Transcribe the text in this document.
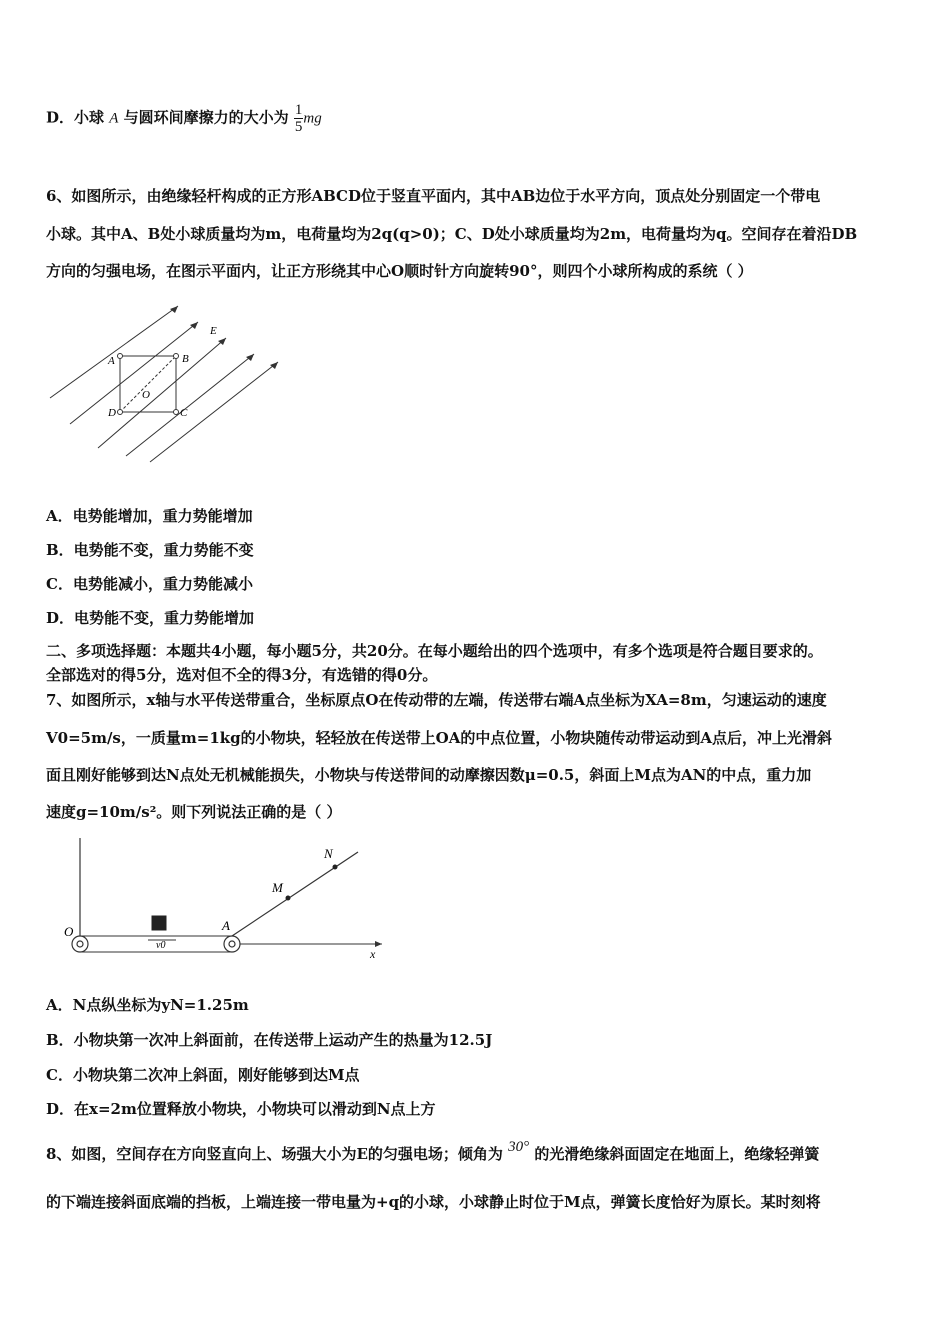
D．小球 A 与圆环间摩擦力的大小为 $\frac{1}{5}$ mg
6、如图所示，由绝缘轻杆构成的正方形ABCD位于竖直平面内，其中AB边位于水平方向，顶点处分别固定一个带电
小球。其中A、B处小球质量均为m，电荷量均为2q(q>0)；C、D处小球质量均为2m，电荷量均为q。空间存在着沿DB
方向的匀强电场，在图示平面内，让正方形绕其中心O顺时针方向旋转90°，则四个小球所构成的系统（ ）
A	B
C
D
O
E
A．电势能增加，重力势能增加
B．电势能不变，重力势能不变
C．电势能减小，重力势能减小
D．电势能不变，重力势能增加
二、多项选择题：本题共4小题，每小题5分，共20分。在每小题给出的四个选项中，有多个选项是符合题目要求的。
全部选对的得5分，选对但不全的得3分，有选错的得0分。
7、如图所示，x轴与水平传送带重合，坐标原点O在传动带的左端，传送带右端A点坐标为XA=8m，匀速运动的速度
V0=5m/s，一质量m=1kg的小物块，轻轻放在传送带上OA的中点位置，小物块随传动带运动到A点后，冲上光滑斜
面且刚好能够到达N点处无机械能损失，小物块与传送带间的动摩擦因数μ=0.5，斜面上M点为AN的中点，重力加
速度g=10m/s²。则下列说法正确的是（ ）
O	A
M
N
x
v0
A．N点纵坐标为yN=1.25m
B．小物块第一次冲上斜面前，在传送带上运动产生的热量为12.5J
C．小物块第二次冲上斜面，刚好能够到达M点
D．在x=2m位置释放小物块，小物块可以滑动到N点上方
8、如图，空间存在方向竖直向上、场强大小为E的匀强电场；倾角为 30° 的光滑绝缘斜面固定在地面上，绝缘轻弹簧
的下端连接斜面底端的挡板，上端连接一带电量为+q的小球，小球静止时位于M点，弹簧长度恰好为原长。某时刻将
